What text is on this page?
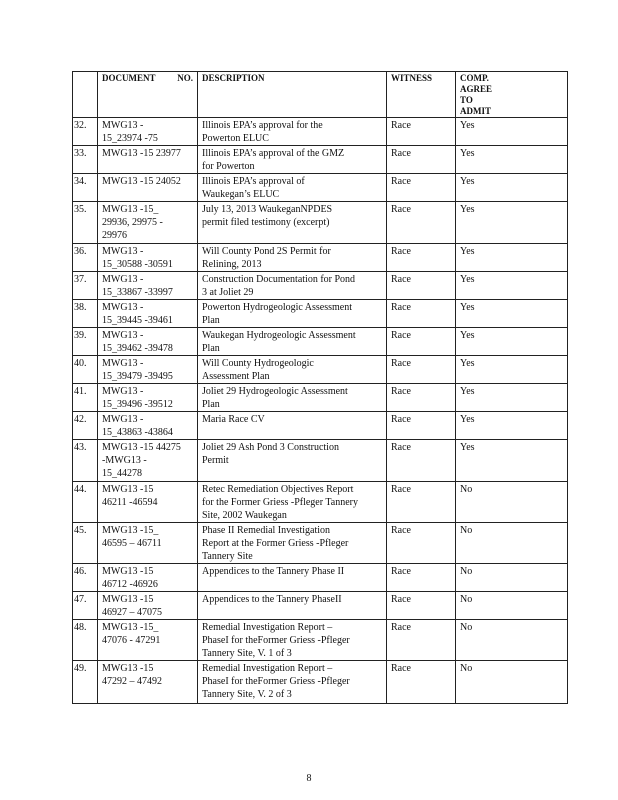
	DOCUMENT NO.	DESCRIPTION	WITNESS	COMP.
AGREE
TO
ADMIT

32.	MWG13 -
15_23974 -75	Illinois EPA’s approval for the
Powerton ELUC	Race	Yes
33.	MWG13 -15 23977	Illinois EPA’s approval of the GMZ
for Powerton	Race	Yes
34.	MWG13 -15 24052	Illinois EPA’s approval of
Waukegan’s ELUC	Race	Yes
35.	MWG13 -15_
29936, 29975 -
29976	July 13, 2013 WaukeganNPDES
permit filed testimony (excerpt)	Race	Yes
36.	MWG13 -
15_30588 -30591	Will County Pond 2S Permit for
Relining, 2013	Race	Yes
37.	MWG13 -
15_33867 -33997	Construction Documentation for Pond
3 at Joliet 29	Race	Yes
38.	MWG13 -
15_39445 -39461	Powerton Hydrogeologic Assessment
Plan	Race	Yes
39.	MWG13 -
15_39462 -39478	Waukegan Hydrogeologic Assessment
Plan	Race	Yes
40.	MWG13 -
15_39479 -39495	Will County Hydrogeologic
Assessment Plan	Race	Yes
41.	MWG13 -
15_39496 -39512	Joliet 29 Hydrogeologic Assessment
Plan	Race	Yes
42.	MWG13 -
15_43863 -43864	Maria Race CV	Race	Yes
43.	MWG13 -15 44275
-MWG13 -
15_44278	Joliet 29 Ash Pond 3 Construction
Permit	Race	Yes
44.	MWG13 -15
46211 -46594	Retec Remediation Objectives Report
for the Former Griess -Pfleger Tannery
Site, 2002 Waukegan	Race	No
45.	MWG13 -15_
46595 – 46711	Phase II Remedial Investigation
Report at the Former Griess -Pfleger
Tannery Site	Race	No
46.	MWG13 -15
46712 -46926	Appendices to the Tannery Phase II	Race	No
47.	MWG13 -15
46927 – 47075	Appendices to the Tannery PhaseII	Race	No
48.	MWG13 -15_
47076 - 47291	Remedial Investigation Report –
PhaseI for theFormer Griess -Pfleger
Tannery Site, V. 1 of 3	Race	No
49.	MWG13 -15
47292 – 47492	Remedial Investigation Report –
PhaseI for theFormer Griess -Pfleger
Tannery Site, V. 2 of 3	Race	No
8
